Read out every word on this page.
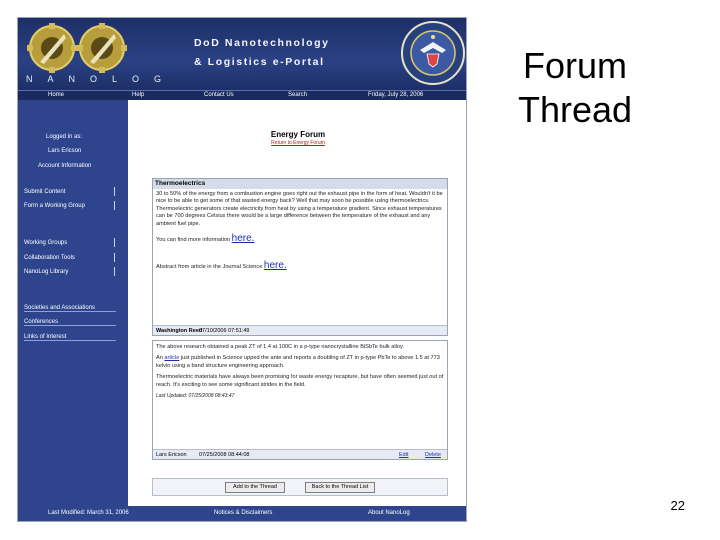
DoD Nanotechnology
& Logistics e-Portal
NANOLOG
Home	Help	Contact Us	Search	Friday, July 28, 2006
Logged in as:
Lars Ericson
Account Information
Submit Content
Form a Working Group
Working Groups
Collaboration Tools
NanoLog Library
Societies and Associations
Conferences
Links of Interest
Energy Forum
Return to Energy Forum
Thermoelectrics
30 to 50% of the energy from a combustion engine goes right out the exhaust pipe in the form of heat. Wouldn't it be nice to be able to get some of that wasted energy back? Well that may soon be possible using thermoelectrics. Thermoelectric generators create electricity from heat by using a temperature gradient. Since exhaust temperatures can be 700 degrees Celsius there would be a large difference between the temperature of the exhaust and any ambient fuel pipe.
You can find more information here.
Abstract from article in the Journal Science here.
Washington Reed
07/10/2006 07:51:49
The above research obtained a peak ZT of 1.4 at 100C in a p-type nanocrystalline BiSbTe bulk alloy.
An article just published in Science upped the ante and reports a doubling of ZT in p-type PbTe to above 1.5 at 773 kelvin using a band structure engineering approach.
Thermoelectric materials have always been promising for waste energy recapture, but have often seemed just out of reach. It's exciting to see some significant strides in the field.
Last Updated: 07/25/2008 08:43:47
Lars Ericson 07/25/2008 08:44:08	Edit	Delete
Add to the Thread	Back to the Thread List
Last Modified: March 31, 2006	Notices & Disclaimers	About NanoLog
Forum Thread
22
